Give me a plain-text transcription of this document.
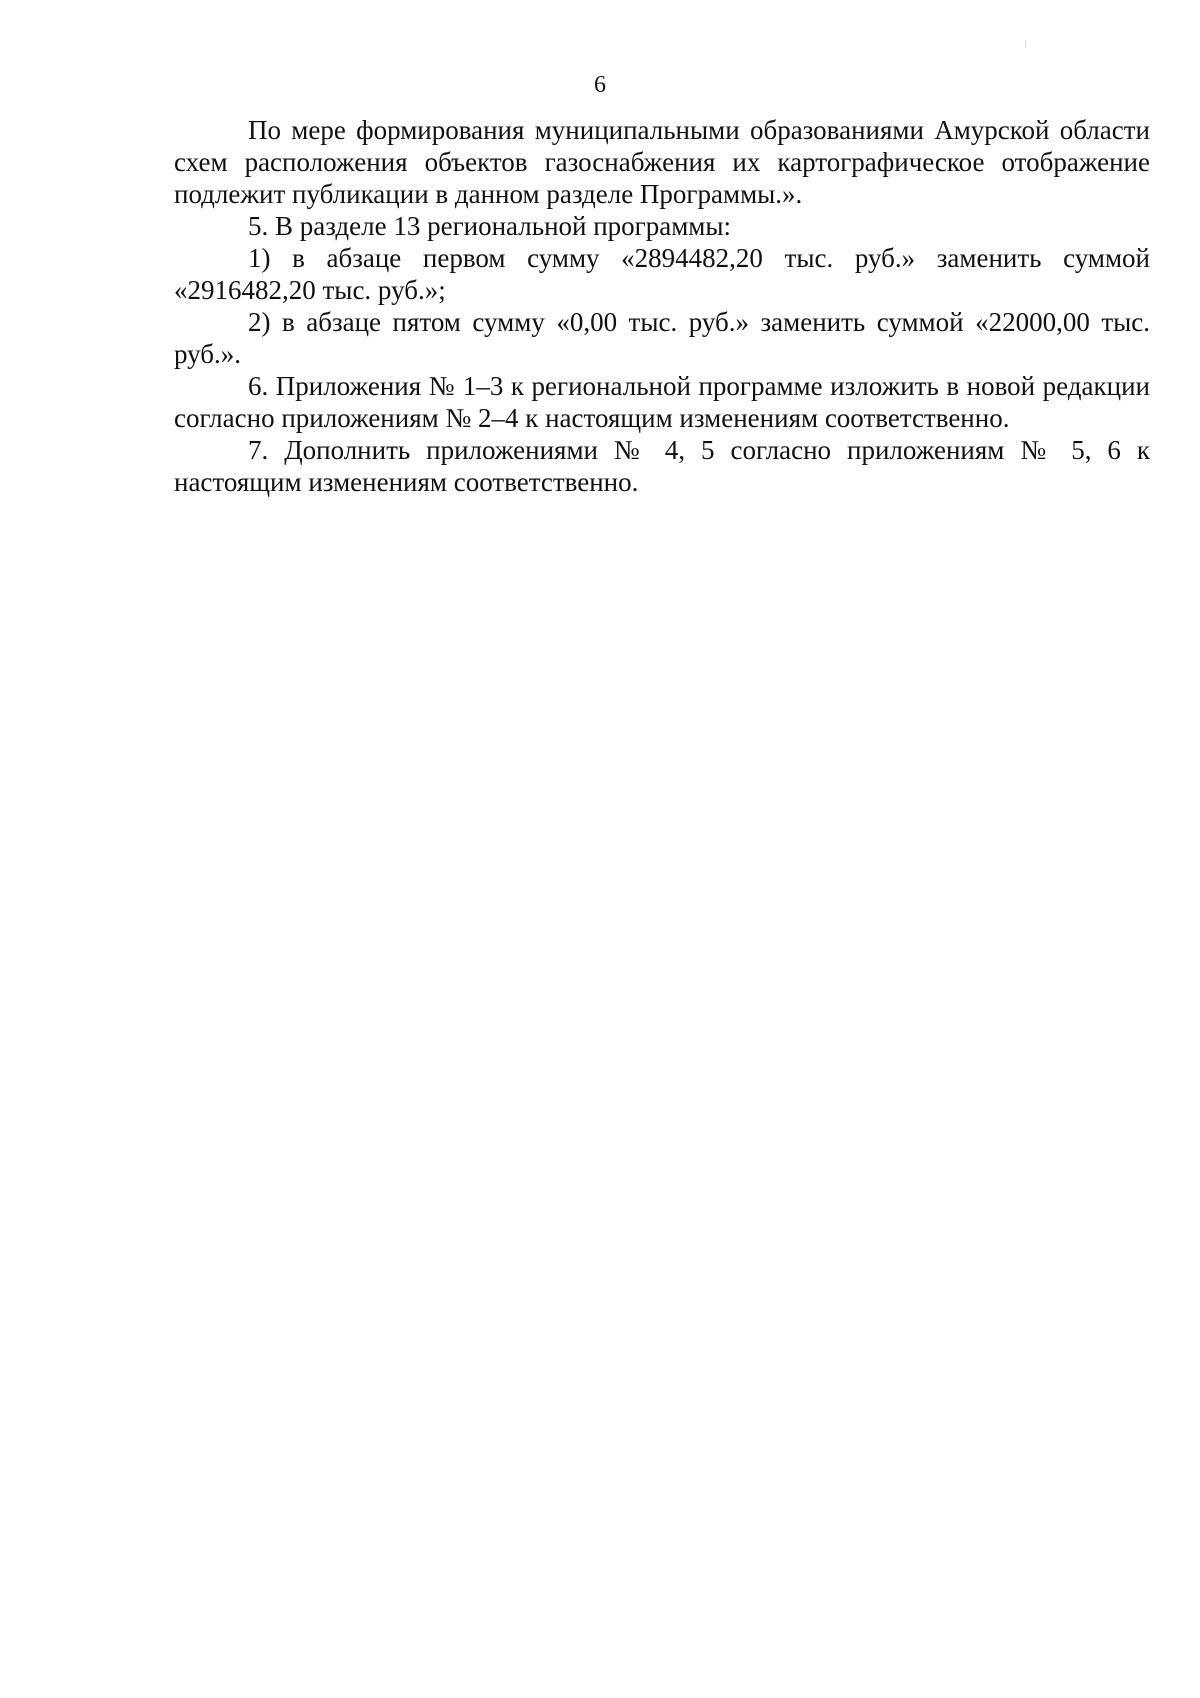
6

По мере формирования муниципальными образованиями Амурской области схем расположения объектов газоснабжения их картографическое отображение подлежит публикации в данном разделе Программы.».

5. В разделе 13 региональной программы:

1) в абзаце первом сумму «2894482,20 тыс. руб.» заменить суммой «2916482,20 тыс. руб.»;

2) в абзаце пятом сумму «0,00 тыс. руб.» заменить суммой «22000,00 тыс. руб.».

6. Приложения № 1–3 к региональной программе изложить в новой редакции согласно приложениям № 2–4 к настоящим изменениям соответственно.

7. Дополнить приложениями № 4, 5 согласно приложениям № 5, 6 к настоящим изменениям соответственно.
